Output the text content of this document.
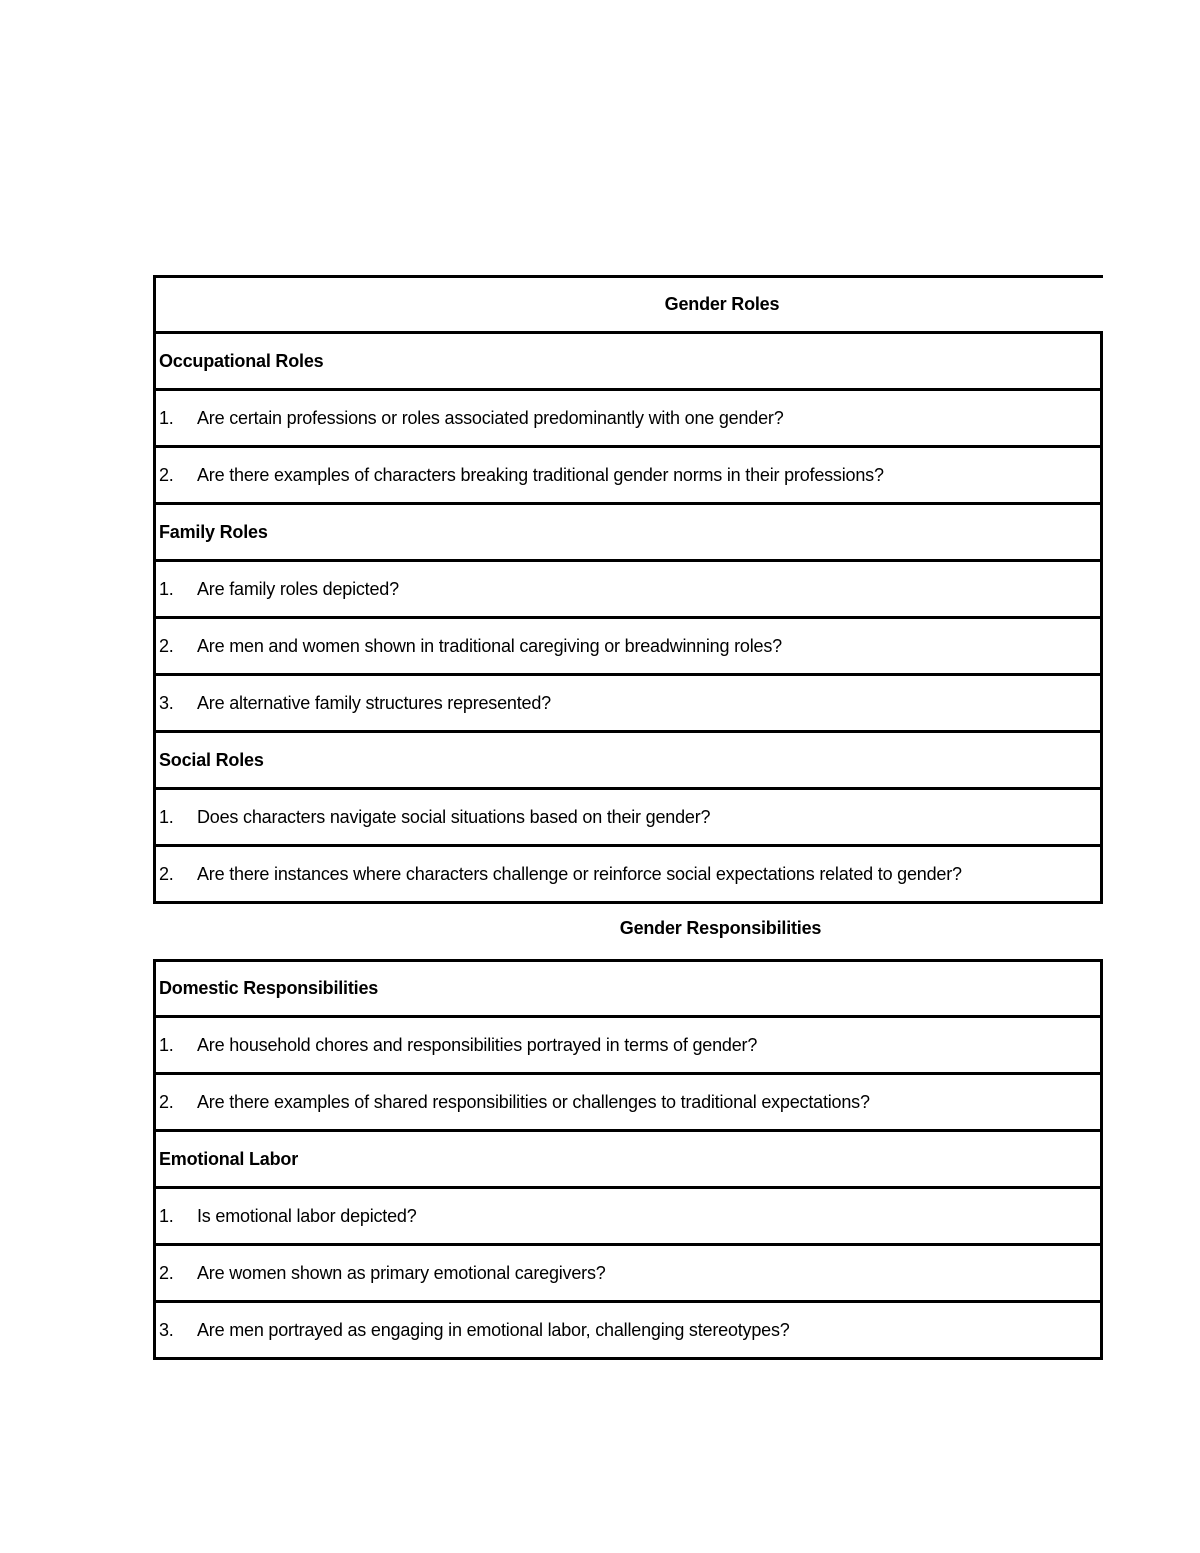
Gender Roles
Occupational Roles
1.	Are certain professions or roles associated predominantly with one gender?
2.	Are there examples of characters breaking traditional gender norms in their professions?
Family Roles
1.	Are family roles depicted?
2.	Are men and women shown in traditional caregiving or breadwinning roles?
3.	Are alternative family structures represented?
Social Roles
1.	Does characters navigate social situations based on their gender?
2.	Are there instances where characters challenge or reinforce social expectations related to gender?
Gender Responsibilities
Domestic Responsibilities
1.	Are household chores and responsibilities portrayed in terms of gender?
2.	Are there examples of shared responsibilities or challenges to traditional expectations?
Emotional Labor
1.	Is emotional labor depicted?
2.	Are women shown as primary emotional caregivers?
3.	Are men portrayed as engaging in emotional labor, challenging stereotypes?
